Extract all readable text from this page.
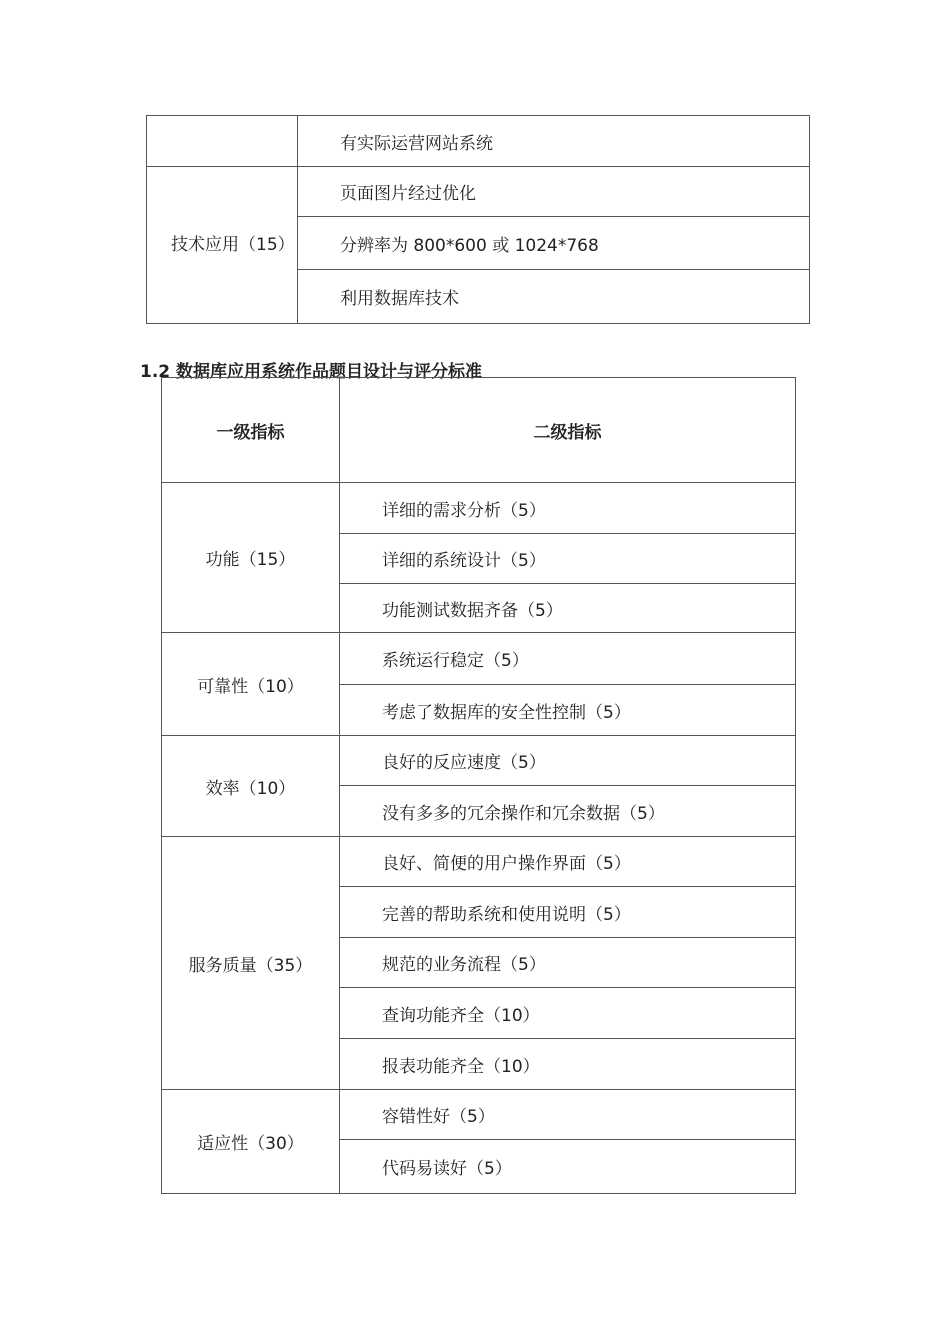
	有实际运营网站系统
技术应用（15）	页面图片经过优化
	分辨率为 800*600 或 1024*768
	利用数据库技术

1.2 数据库应用系统作品题目设计与评分标准

一级指标	二级指标
功能（15）	详细的需求分析（5）
	详细的系统设计（5）
	功能测试数据齐备（5）
可靠性（10）	系统运行稳定（5）
	考虑了数据库的安全性控制（5）
效率（10）	良好的反应速度（5）
	没有多多的冗余操作和冗余数据（5）
服务质量（35）	良好、简便的用户操作界面（5）
	完善的帮助系统和使用说明（5）
	规范的业务流程（5）
	查询功能齐全（10）
	报表功能齐全（10）
适应性（30）	容错性好（5）
	代码易读好（5）
